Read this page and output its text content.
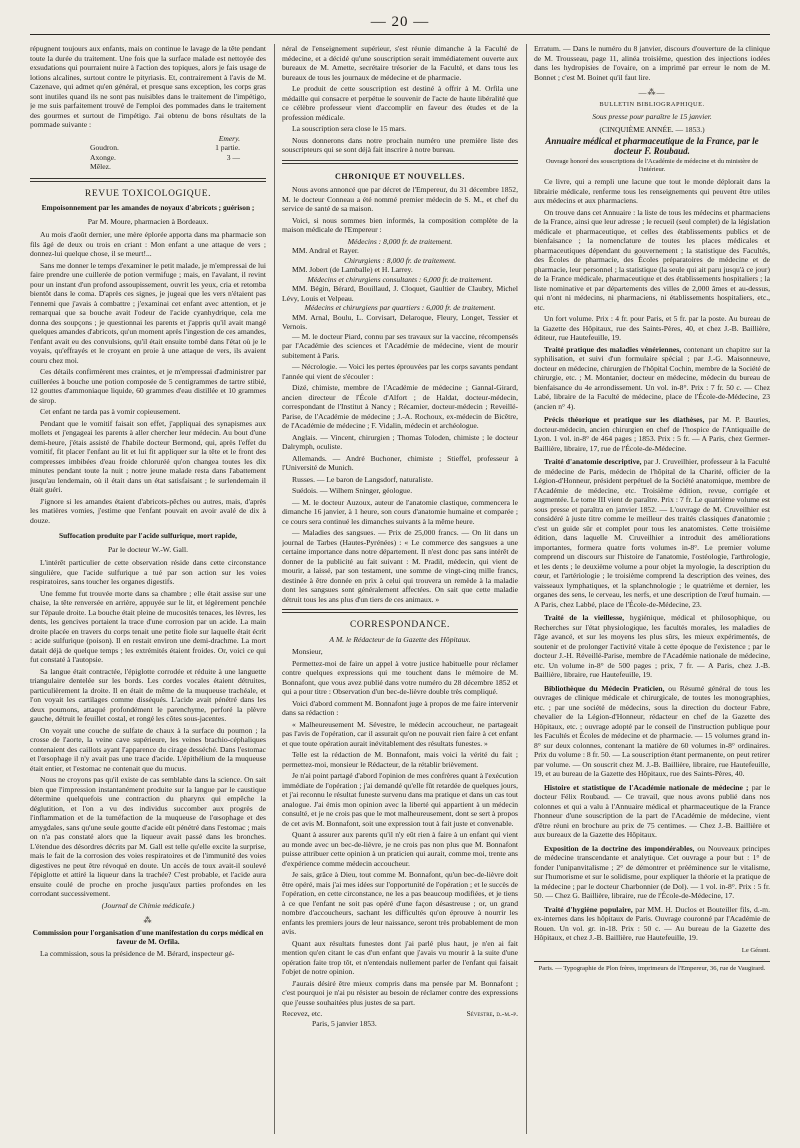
— 20 —

répugnent toujours aux enfants, mais on continue le lavage de la tête pendant toute la durée du traitement. Une fois que la surface malade est nettoyée des exsudations qui pourraient nuire à l'action des topiques, alors je fais usage de lotions alcalines, surtout contre le pityriasis. Et, contrairement à l'avis de M. Cazenave, qui admet qu'en général, et presque sans exception, les corps gras sont inutiles quand ils ne sont pas nuisibles dans le traitement de l'impétigo, je me suis parfaitement trouvé de l'emploi des pommades dans le traitement des gourmes et surtout de l'impétigo. J'ai obtenu de bons résultats de la pommade suivante :

Emery.
Goudron.	1 partie.
Axonge.	3 —
Mêlez.
REVUE TOXICOLOGIQUE.
Empoisonnement par les amandes de noyaux d'abricots ; guérison ;
Par M. Moure, pharmacien à Bordeaux.

Au mois d'août dernier, une mère éplorée apporta dans ma pharmacie son fils âgé de deux ou trois en criant : Mon enfant a une attaque de vers ; donnez-lui quelque chose, il se meurt!...

Sans me donner le temps d'examiner le petit malade, je m'empressai de lui faire prendre une cuillerée de potion vermifuge ; mais, en l'avalant, il revint pour un instant d'un profond assoupissement, ouvrit les yeux, cria et retomba bientôt dans le coma. D'après ces signes, je jugeai que les vers n'étaient pas l'ennemi que j'avais à combattre ; j'examinai cet enfant avec attention, et je remarquai que sa bouche avait l'odeur de l'acide cyanhydrique, cela me donna des soupçons ; je questionnai les parents et j'appris qu'il avait mangé quelques amandes d'abricots, qu'un moment après l'ingestion de ces amandes, l'enfant avait eu des convulsions, qu'il était ensuite tombé dans l'état où je le voyais, qu'effrayés et le croyant en proie à une attaque de vers, ils avaient couru chez moi.

Ces détails confirmèrent mes craintes, et je m'empressai d'administrer par cuillerées à bouche une potion composée de 5 centigrammes de tartre stibié, 12 gouttes d'ammoniaque liquide, 60 grammes d'eau distillée et 10 grammes de sirop.

Cet enfant ne tarda pas à vomir copieusement.

Pendant que le vomitif faisait son effet, j'appliquai des synapismes aux mollets et j'engageai les parents à aller chercher leur médecin. Au bout d'une demi-heure, j'étais assisté de l'habile docteur Bermond, qui, après l'effet du vomitif, fit placer l'enfant au lit et lui fit appliquer sur la tête et le front des compresses imbibées d'eau froide chloruréé qu'on changea toutes les dix minutes pendant toute la nuit ; notre jeune malade resta dans l'abattement jusqu'au lendemain, où il était dans un état satisfaisant ; le surlendemain il était guéri.

J'ignore si les amandes étaient d'abricots-pêches ou autres, mais, d'après les matières vomies, j'estime que l'enfant pouvait en avoir avalé de dix à douze.

Suffocation produite par l'acide sulfurique, mort rapide,
Par le docteur W.-W. Gall.

L'intérêt particulier de cette observation réside dans cette circonstance singulière, que l'acide sulfurique a tué par son action sur les voies respiratoires, sans toucher les organes digestifs.

Une femme fut trouvée morte dans sa chambre ; elle était assise sur une chaise, la tête renversée en arrière, appuyée sur le lit, et légèrement penchée sur l'épaule droite. La bouche était pleine de mucosités tenaces, les lèvres, les dents, les gencives portaient la trace d'une corrosion par un acide. La main droite placée en travers du corps tenait une petite fiole sur laquelle était écrit : acide sulfurique (poison). Il en restait environ une demi-drachme. La mort datait déjà de quelque temps ; les extrémités étaient froides. Or, voici ce qui fut constaté à l'autopsie.

Sa langue était contractée, l'épiglotte corrodée et réduite à une languette triangulaire dentelée sur les bords. Les cordes vocales étaient détruites, particulièrement la droite. Il en était de même de la muqueuse trachéale, et l'on voyait les cartilages comme disséqués. L'acide avait pénétré dans les deux poumons, attaqué profondément le parenchyme, perforé la plèvre gauche, détruit le feuillet costal, et rongé les côtes sous-jacentes.

On voyait une couche de sulfate de chaux à la surface du poumon ; la crosse de l'aorte, la veine cave supérieure, les veines brachio-céphaliques contenaient des caillots ayant l'apparence du cirage desséché. Dans l'estomac et l'œsophage il n'y avait pas une trace d'acide. L'épithélium de la muqueuse était entier, et l'estomac ne contenait que du mucus.

Nous ne croyons pas qu'il existe de cas semblable dans la science. On sait bien que l'impression instantanément produite sur la langue par le caustique détermine quelquefois une contraction du pharynx qui empêche la déglutition, et l'on a vu des individus succomber aux progrès de l'inflammation et de la tuméfaction de la muqueuse de l'œsophage et des amygdales, sans qu'une seule goutte d'acide eût pénétré dans l'estomac ; mais on n'a pas constaté alors que la liqueur avait passé dans les bronches. L'étendue des désordres décrits par M. Gall est telle qu'elle excite la surprise, mais le fait de la corrosion des voies respiratoires et de l'immunité des voies digestives ne peut être révoqué en doute. Un accès de toux avait-il soulevé l'épiglotte et attiré la liqueur dans la trachée? C'est probable, et l'acide aura ensuite coulé de proche en proche jusqu'aux parties profondes en les corrodant successivement.

(Journal de Chimie médicale.)
⁂
Commission pour l'organisation d'une manifestation du corps médical en faveur de M. Orfila.

La commission, sous la présidence de M. Bérard, inspecteur gé-

néral de l'enseignement supérieur, s'est réunie dimanche à la Faculté de médecine, et a décidé qu'une souscription serait immédiatement ouverte aux bureaux de M. Amette, secrétaire trésorier de la Faculté, et dans tous les bureaux de tous les journaux de médecine et de pharmacie.

Le produit de cette souscription est destiné à offrir à M. Orfila une médaille qui consacre et perpétue le souvenir de l'acte de haute libéralité que ce célèbre professeur vient d'accomplir en faveur des études et de la profession médicale.

La souscription sera close le 15 mars.

Nous donnerons dans notre prochain numéro une première liste des souscripteurs qui se sont déjà fait inscrire à notre bureau.

CHRONIQUE ET NOUVELLES.

Nous avons annoncé que par décret de l'Empereur, du 31 décembre 1852, M. le docteur Conneau a été nommé premier médecin de S. M., et chef du service de santé de sa maison.

Voici, si nous sommes bien informés, la composition complète de la maison médicale de l'Empereur :

Médecins : 8,000 fr. de traitement.
MM. Andral et Rayer.
Chirurgiens : 8,000 fr. de traitement.
MM. Jobert (de Lamballe) et H. Larrey.
Médecins et chirurgiens consultants : 6,000 fr. de traitement.
MM. Bégin, Bérard, Bouillaud, J. Cloquet, Gaultier de Claubry, Michel Lévy, Louis et Velpeau.
Médecins et chirurgiens par quartiers : 6,000 fr. de traitement.
MM. Arnal, Boulu, L. Corvisart, Delaroque, Fleury, Longet, Tessier et Vernois.

— M. le docteur Piard, connu par ses travaux sur la vaccine, récompensés par l'Académie des sciences et l'Académie de médecine, vient de mourir subitement à Paris.

— Nécrologie. — Voici les pertes éprouvées par les corps savants pendant l'année qui vient de s'écouler :

Dizé, chimiste, membre de l'Académie de médecine ; Gannal-Girard, ancien directeur de l'École d'Alfort ; de Haldat, docteur-médecin, correspondant de l'Institut à Nancy ; Récamier, docteur-médecin ; Reveillé-Parise, de l'Académie de médecine ; J.-A. Rochoux, ex-médecin de Bicêtre, de l'Académie de médecine ; F. Vidalin, médecin et archéologue.

Anglais. — Vincent, chirurgien ; Thomas Toloden, chimiste ; le docteur Dalrymph, oculiste.

Allemands. — André Buchoner, chimiste ; Stieffel, professeur à l'Université de Munich.

Russes. — Le baron de Langsdorf, naturaliste.

Suédois. — Wilhem Sninger, géologue.

— M. le docteur Auzoux, auteur de l'anatomie clastique, commencera le dimanche 16 janvier, à 1 heure, son cours d'anatomie humaine et comparée ; ce cours sera continué les dimanches suivants à la même heure.

— Maladies des sangsues. — Prix de 25,000 francs. — On lit dans un journal de Tarbes (Hautes-Pyrénées) : « Le commerce des sangsues a une certaine importance dans notre département. Il n'est donc pas sans intérêt de donner de la publicité au fait suivant : M. Pradil, médecin, qui vient de mourir, a laissé, par son testament, une somme de vingt-cinq mille francs, destinée à être donnée en prix à celui qui trouvera un remède à la maladie dont les sangsues sont généralement affectées. On sait que cette maladie détruit tous les ans plus d'un tiers de ces animaux. »

CORRESPONDANCE.
A M. le Rédacteur de la Gazette des Hôpitaux.

Monsieur,

Permettez-moi de faire un appel à votre justice habituelle pour réclamer contre quelques expressions qui me touchent dans le mémoire de M. Bonnafont, que vous avez publié dans votre numéro du 28 décembre 1852 et qui a pour titre : Observation d'un bec-de-lièvre double très compliqué.

Voici d'abord comment M. Bonnafont juge à propos de me faire intervenir dans sa rédaction :

« Malheureusement M. Sévestre, le médecin accoucheur, ne partageait pas l'avis de l'opération, car il assurait qu'on ne pouvait rien faire à cet enfant et que toute opération aurait inévitablement des résultats funestes. »

Telle est la rédaction de M. Bonnafont, mais voici la vérité du fait ; permettez-moi, monsieur le Rédacteur, de la rétablir brièvement.

Je n'ai point partagé d'abord l'opinion de mes confrères quant à l'exécution immédiate de l'opération ; j'ai demandé qu'elle fût retardée de quelques jours, et j'ai reconnu le résultat funeste survenu dans ma pratique et dans un cas tout analogue. J'ai émis mon opinion avec la liberté qui appartient à un médecin consulté, et je ne crois pas que le mot malheureusement, dont se sert à propos de cet avis M. Bonnafont, soit une expression tout à fait juste et convenable.

Quant à assurer aux parents qu'il n'y eût rien à faire à un enfant qui vient au monde avec un bec-de-lièvre, je ne crois pas non plus que M. Bonnafont puisse attribuer cette opinion à un praticien qui aurait, comme moi, trente ans d'expérience comme médecin accoucheur.

Je sais, grâce à Dieu, tout comme M. Bonnafont, qu'un bec-de-lièvre doit être opéré, mais j'ai mes idées sur l'opportunité de l'opération ; et le succès de l'opération, en cette circonstance, ne les a pas beaucoup modifiées, et je tiens à ce que l'enfant ne soit pas opéré d'une façon désastreuse ; or, un grand nombre d'accoucheurs, sachant les difficultés qu'on éprouve à nourrir les enfants les premiers jours de leur naissance, seront très probablement de mon avis.

Quant aux résultats funestes dont j'ai parlé plus haut, je n'en ai fait mention qu'en citant le cas d'un enfant que j'avais vu mourir à la suite d'une opération faite trop tôt, et n'entendais nullement parler de l'enfant qui faisait l'objet de notre opinion.

J'aurais désiré être mieux compris dans ma pensée par M. Bonnafont ; c'est pourquoi je n'ai pu résister au besoin de réclamer contre des expressions que j'eusse souhaitées plus justes de sa part.

Recevez, etc.	Sévestre, d.-m.-p.
Paris, 5 janvier 1853.

Erratum. — Dans le numéro du 8 janvier, discours d'ouverture de la clinique de M. Trousseau, page 11, alinéa troisième, question des injections iodées dans les hydropisies de l'ovaire, on a imprimé par erreur le nom de M. Bonnet ; c'est M. Boinet qu'il faut lire.

—⁂—
BULLETIN BIBLIOGRAPHIQUE.
Sous presse pour paraître le 15 janvier.
(CINQUIÈME ANNÉE. — 1853.)
Annuaire médical et pharmaceutique de la France, par le docteur F. Roubaud.
Ouvrage honoré des souscriptions de l'Académie de médecine et du ministère de l'intérieur.

Ce livre, qui a rempli une lacune que tout le monde déplorait dans la librairie médicale, renferme tous les renseignements qui peuvent être utiles aux médecins et aux pharmaciens.

On trouve dans cet Annuaire : la liste de tous les médecins et pharmaciens de la France, ainsi que leur adresse ; le recueil (seul complet) de la législation médicale et pharmaceutique, et celles des établissements publics et de bienfaisance ; la nomenclature de toutes les places médicales et pharmaceutiques dépendant du gouvernement ; la statistique des Facultés, des Écoles de pharmacie, des Écoles préparatoires de médecine et de pharmacie, leur personnel ; la statistique (la seule qui ait paru jusqu'à ce jour) de la France médicale, pharmaceutique et des établissements hospitaliers ; la liste nominative et par départements des villes de 2,000 âmes et au-dessus, qui n'ont ni médecins, ni pharmaciens, ni établissements hospitaliers, etc., etc.

Un fort volume. Prix : 4 fr. pour Paris, et 5 fr. par la poste. Au bureau de la Gazette des Hôpitaux, rue des Saints-Pères, 40, et chez J.-B. Baillière, éditeur, rue Hautefeuille, 19.

Traité pratique des maladies vénériennes, contenant un chapitre sur la syphilisation, et suivi d'un formulaire spécial ; par J.-G. Maisonneuve, docteur en médecine, chirurgien de l'hôpital Cochin, membre de la Société de chirurgie, etc. ; M. Montanier, docteur en médecine, médecin du bureau de bienfaisance du 4e arrondissement. Un vol. in-8°. Prix : 7 fr. 50 c. — Chez Labé, libraire de la Faculté de médecine, place de l'École-de-Médecine, 23 (ancien n° 4).

Précis théorique et pratique sur les diathèses, par M. P. Bauries, docteur-médecin, ancien chirurgien en chef de l'hospice de l'Antiquaille de Lyon. 1 vol. in-8° de 464 pages ; 1853. Prix : 5 fr. — A Paris, chez Germer-Baillière, libraire, 17, rue de l'École-de-Médecine.

Traité d'anatomie descriptive, par J. Cruveilhier, professeur à la Faculté de médecine de Paris, médecin de l'hôpital de la Charité, officier de la Légion-d'Honneur, président perpétuel de la Société anatomique, membre de l'Académie de médecine, etc. Troisième édition, revue, corrigée et augmentée. Le tome III vient de paraître. Prix : 7 fr. Le quatrième volume est sous presse et paraîtra en janvier 1852. — L'ouvrage de M. Cruveilhier est considéré à juste titre comme le meilleur des traités classiques d'anatomie ; c'est un guide sûr et complet pour tous les anatomistes. Cette troisième édition, dans laquelle M. Cruveilhier a introduit des améliorations importantes, formera quatre forts volumes in-8°. Le premier volume comprend un discours sur l'histoire de l'anatomie, l'ostéologie, l'arthrologie, et les dents ; le deuxième volume a pour objet la myologie, la description du cœur, et l'artériologie ; le troisième comprend la description des veines, des vaisseaux lymphatiques, et la splanchnologie ; le quatrième et dernier, les organes des sens, le cerveau, les nerfs, et une description de l'œuf humain. — A Paris, chez Labbé, place de l'École-de-Médecine, 23.

Traité de la vieillesse, hygiénique, médical et philosophique, ou Recherches sur l'état physiologique, les facultés morales, les maladies de l'âge avancé, et sur les moyens les plus sûrs, les mieux expérimentés, de soutenir et de prolonger l'activité vitale à cette époque de l'existence ; par le docteur J.-H. Réveillé-Parise, membre de l'Académie nationale de médecine, etc. Un volume in-8° de 500 pages ; prix, 7 fr. — A Paris, chez J.-B. Baillière, libraire, rue Hautefeuille, 19.

Bibliothèque du Médecin Praticien, ou Résumé général de tous les ouvrages de clinique médicale et chirurgicale, de toutes les monographies, etc. ; par une société de médecins, sous la direction du docteur Fabre, chevalier de la Légion-d'Honneur, rédacteur en chef de la Gazette des Hôpitaux, etc. ; ouvrage adopté par le conseil de l'instruction publique pour les Facultés et Écoles de médecine et de pharmacie. — 15 volumes grand in-8° sur deux colonnes, contenant la matière de 60 volumes in-8° ordinaires. Prix du volume : 8 fr. 50. — La souscription étant permanente, on peut retirer par volume. — On souscrit chez M. J.-B. Baillière, libraire, rue Hautefeuille, 19, et au bureau de la Gazette des Hôpitaux, rue des Saints-Pères, 40.

Histoire et statistique de l'Académie nationale de médecine ; par le docteur Félix Roubaud. — Ce travail, que nous avons publié dans nos colonnes et qui a valu à l'Annuaire médical et pharmaceutique de la France l'honneur d'une souscription de la part de l'Académie de médecine, vient d'être réuni en brochure au prix de 75 centimes. — Chez J.-B. Baillière et aux bureaux de la Gazette des Hôpitaux.

Exposition de la doctrine des impondérables, ou Nouveaux principes de médecine transcendante et analytique. Cet ouvrage a pour but : 1° de fonder l'unipanvitalisme ; 2° de démontrer et prééminence sur le vitalisme, sur l'humorisme et sur le solidisme, pour expliquer la théorie et la pratique de la médecine ; par le docteur Charbonnier (de Dol). — 1 vol. in-8°. Prix : 5 fr. 50. — Chez G. Baillière, libraire, rue de l'École-de-Médecine, 17.

Traité d'hygiène populaire, par MM. H. Duclos et Bouteiller fils, d.-m. ex-internes dans les hôpitaux de Paris. Ouvrage couronné par l'Académie de Rouen. Un vol. gr. in-18. Prix : 50 c. — Au bureau de la Gazette des Hôpitaux, et chez J.-B. Baillière, rue Hautefeuille, 19.

Le Gérant.
Paris. — Typographie de Plon frères, imprimeurs de l'Empereur, 36, rue de Vaugirard.
